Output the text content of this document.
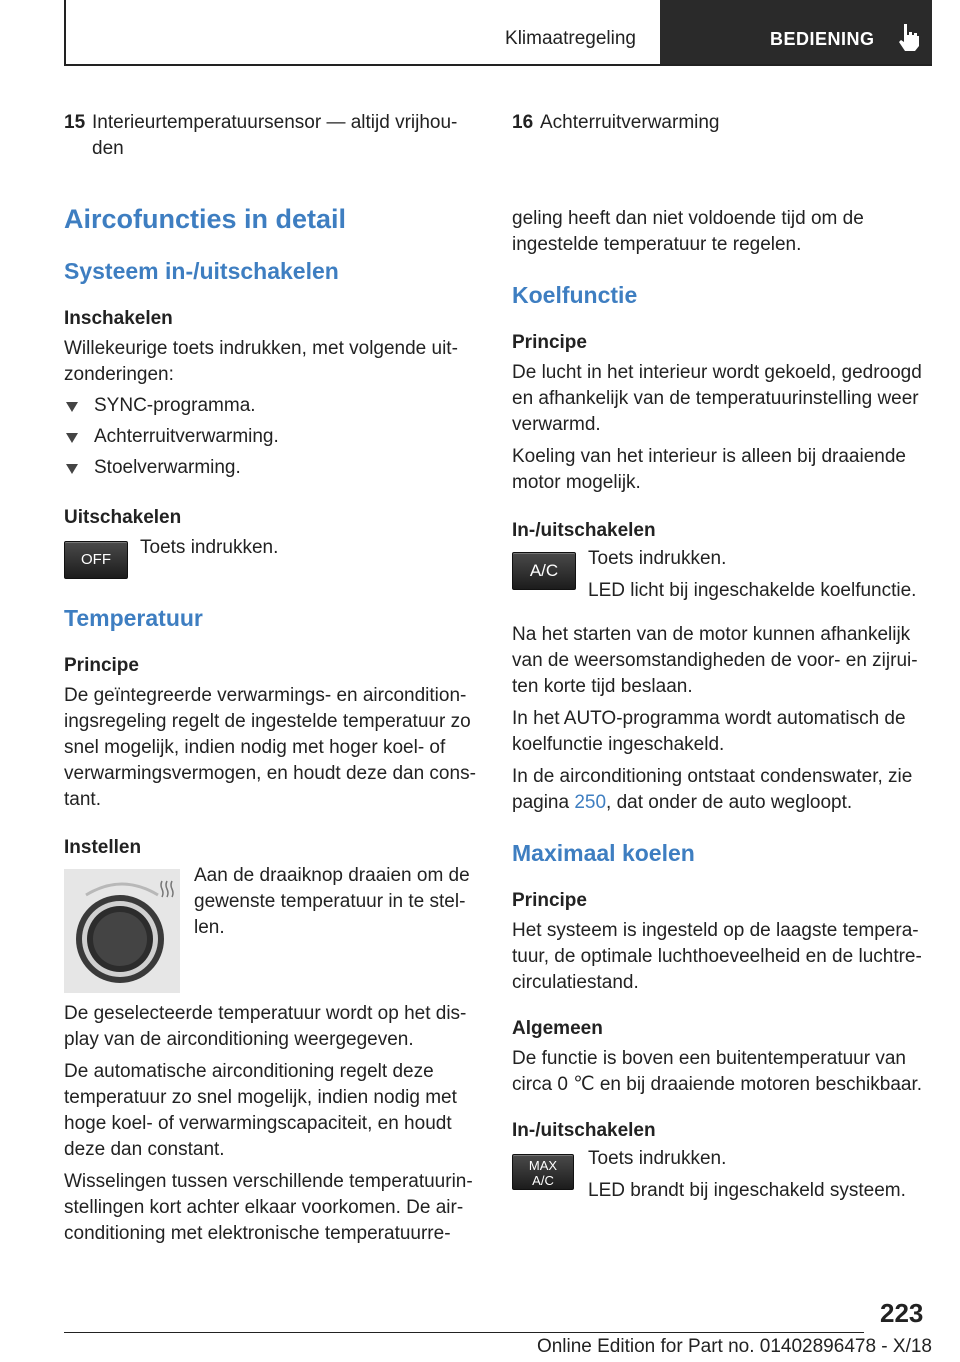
Klimaatregeling	BEDIENING
15 Interieurtemperatuursensor — altijd vrijhou-den
Aircofuncties in detail
Systeem in-/uitschakelen
Inschakelen

Willekeurige toets indrukken, met volgende uit-zonderingen:

SYNC-programma.
Achterruitverwarming.
Stoelverwarming.
Uitschakelen
OFF

Toets indrukken.

Temperatuur
Principe

De geïntegreerde verwarmings- en aircondition-ingsregeling regelt de ingestelde temperatuur zo snel mogelijk, indien nodig met hoger koel- of verwarmingsvermogen, en houdt deze dan cons-tant.

Instellen

Aan de draaiknop draaien om de gewenste temperatuur in te stel-len.

De geselecteerde temperatuur wordt op het dis-play van de airconditioning weergegeven.

De automatische airconditioning regelt deze temperatuur zo snel mogelijk, indien nodig met hoge koel- of verwarmingscapaciteit, en houdt deze dan constant.

Wisselingen tussen verschillende temperatuurin-stellingen kort achter elkaar voorkomen. De air-conditioning met elektronische temperatuurre-

16 Achterruitverwarming

geling heeft dan niet voldoende tijd om de ingestelde temperatuur te regelen.

Koelfunctie
Principe

De lucht in het interieur wordt gekoeld, gedroogd en afhankelijk van de temperatuurinstelling weer verwarmd.

Koeling van het interieur is alleen bij draaiende motor mogelijk.

In-/uitschakelen
A/C

Toets indrukken.

LED licht bij ingeschakelde koelfunctie.

Na het starten van de motor kunnen afhankelijk van de weersomstandigheden de voor- en zijrui-ten korte tijd beslaan.

In het AUTO-programma wordt automatisch de koelfunctie ingeschakeld.

In de airconditioning ontstaat condenswater, zie pagina 250, dat onder de auto wegloopt.

Maximaal koelen
Principe

Het systeem is ingesteld op de laagste tempera-tuur, de optimale luchthoeveelheid en de luchtre-circulatiestand.

Algemeen

De functie is boven een buitentemperatuur van circa 0 ℃ en bij draaiende motoren beschikbaar.

In-/uitschakelen
MAX
A/C

Toets indrukken.

LED brandt bij ingeschakeld systeem.

223
Online Edition for Part no. 01402896478 - X/18
